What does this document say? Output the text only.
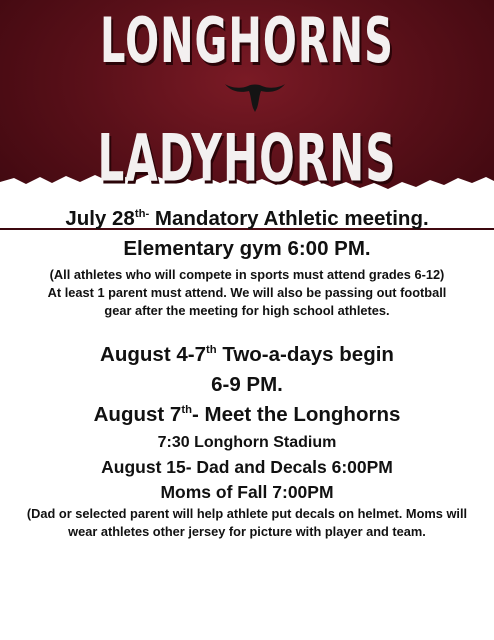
LONGHORNS
LADYHORNS
July $28^{th-}$ Mandatory Athletic meeting.
Elementary gym 6:00 PM.
(All athletes who will compete in sports must attend grades 6-12)
At least 1 parent must attend. We will also be passing out football
gear after the meeting for high school athletes.
August 4-7th Two-a-days begin
6-9 PM.
August 7th- Meet the Longhorns
7:30 Longhorn Stadium
August 15- Dad and Decals 6:00PM
Moms of Fall 7:00PM
(Dad or selected parent will help athlete put decals on helmet. Moms will wear athletes other jersey for picture with player and team.
